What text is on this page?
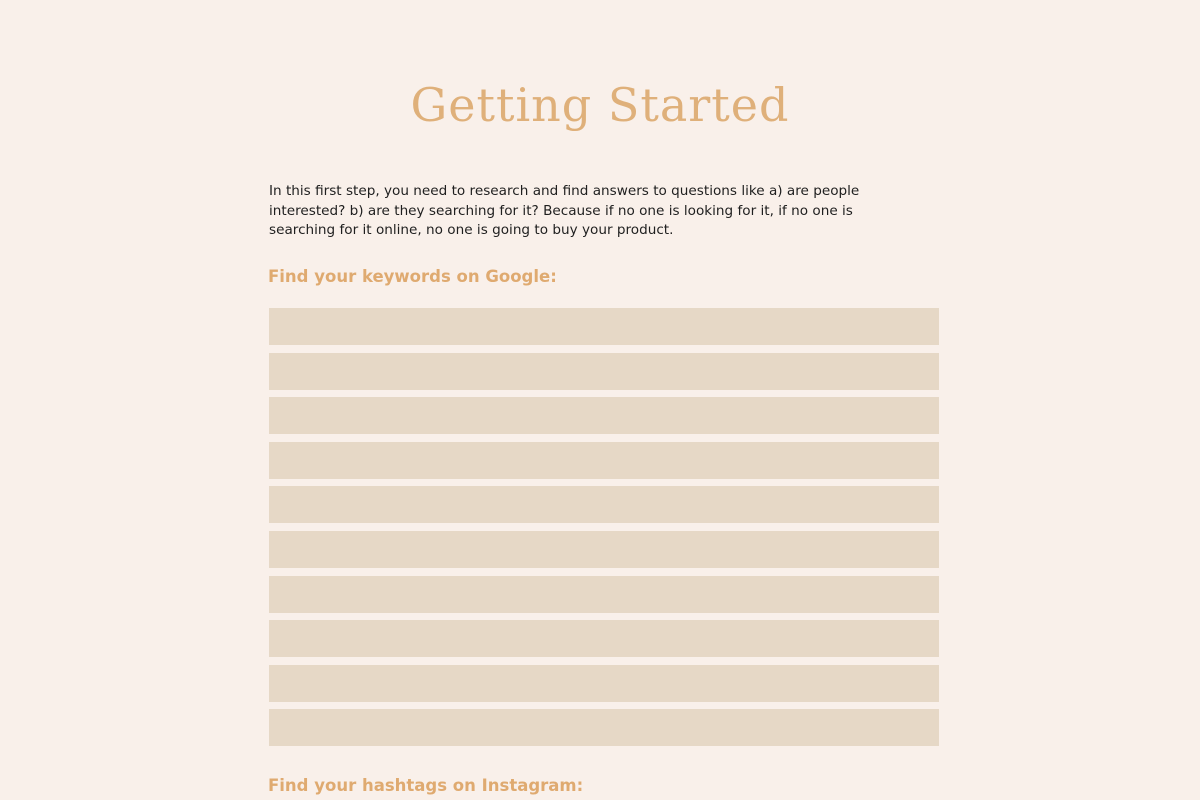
Getting Started

In this first step, you need to research and find answers to questions like a) are people interested? b) are they searching for it? Because if no one is looking for it, if no one is searching for it online, no one is going to buy your product.

Find your keywords on Google:
Find your hashtags on Instagram:
